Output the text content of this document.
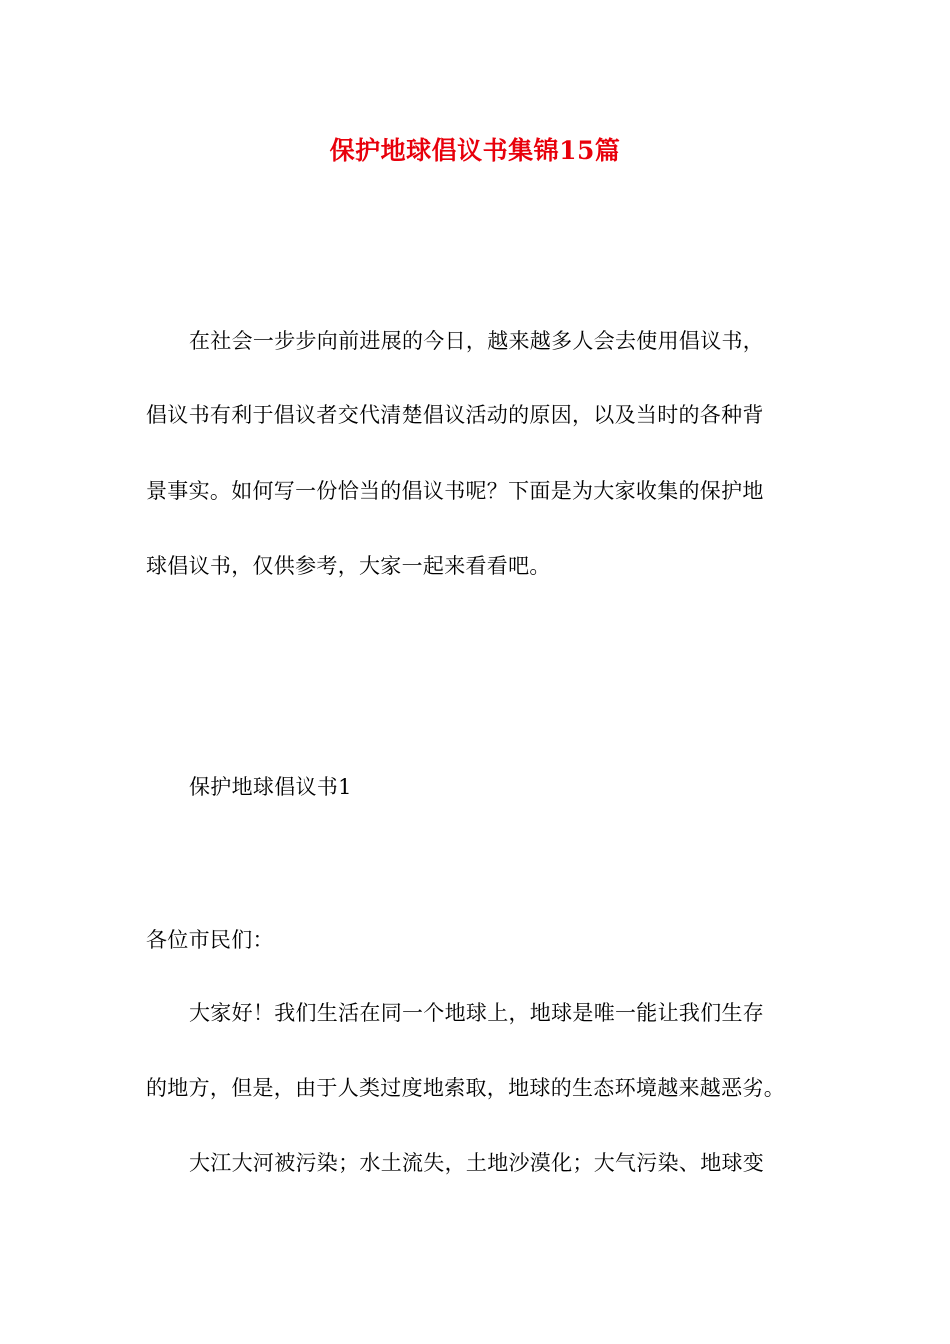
保护地球倡议书集锦15篇
在社会一步步向前进展的今日，越来越多人会去使用倡议书，
倡议书有利于倡议者交代清楚倡议活动的原因，以及当时的各种背
景事实。如何写一份恰当的倡议书呢？下面是为大家收集的保护地
球倡议书，仅供参考，大家一起来看看吧。
保护地球倡议书1
各位市民们：
大家好！我们生活在同一个地球上，地球是唯一能让我们生存
的地方，但是，由于人类过度地索取，地球的生态环境越来越恶劣。
大江大河被污染；水土流失，土地沙漠化；大气污染、地球变
